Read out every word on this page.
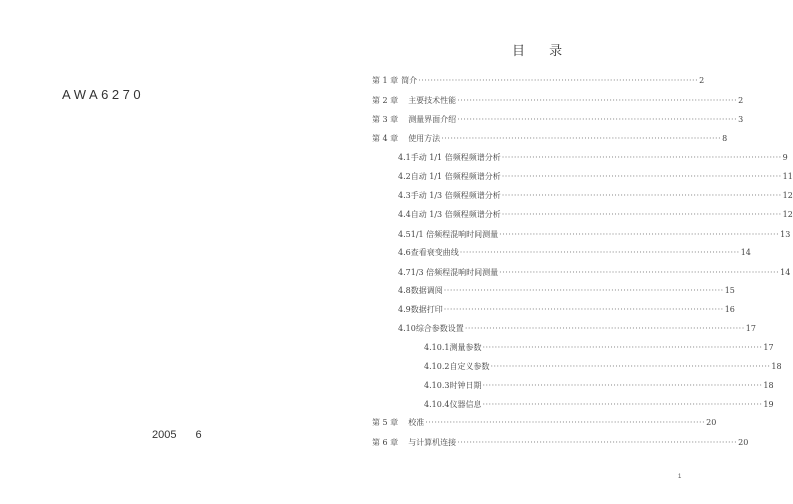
AWA6270
2005 6
目 录
第 1 章 简介 ···························································································· 2
第 2 章 主要技术性能 ···························································································· 2
第 3 章 测量界面介绍 ···························································································· 3
第 4 章 使用方法 ···························································································· 8
4.1 手动 1/1 倍频程频谱分析 ···························································································· 9
4.2 自动 1/1 倍频程频谱分析 ···························································································· 11
4.3 手动 1/3 倍频程频谱分析 ···························································································· 12
4.4 自动 1/3 倍频程频谱分析 ···························································································· 12
4.5 1/1 倍频程混响时间测量 ···························································································· 13
4.6 查看衰变曲线 ···························································································· 14
4.7 1/3 倍频程混响时间测量 ···························································································· 14
4.8 数据调阅 ···························································································· 15
4.9 数据打印 ···························································································· 16
4.10 综合参数设置 ···························································································· 17
4.10.1 测量参数 ···························································································· 17
4.10.2 自定义参数 ···························································································· 18
4.10.3 时钟日期 ···························································································· 18
4.10.4 仪器信息 ···························································································· 19
第 5 章 校准 ···························································································· 20
第 6 章 与计算机连接 ···························································································· 20
1
